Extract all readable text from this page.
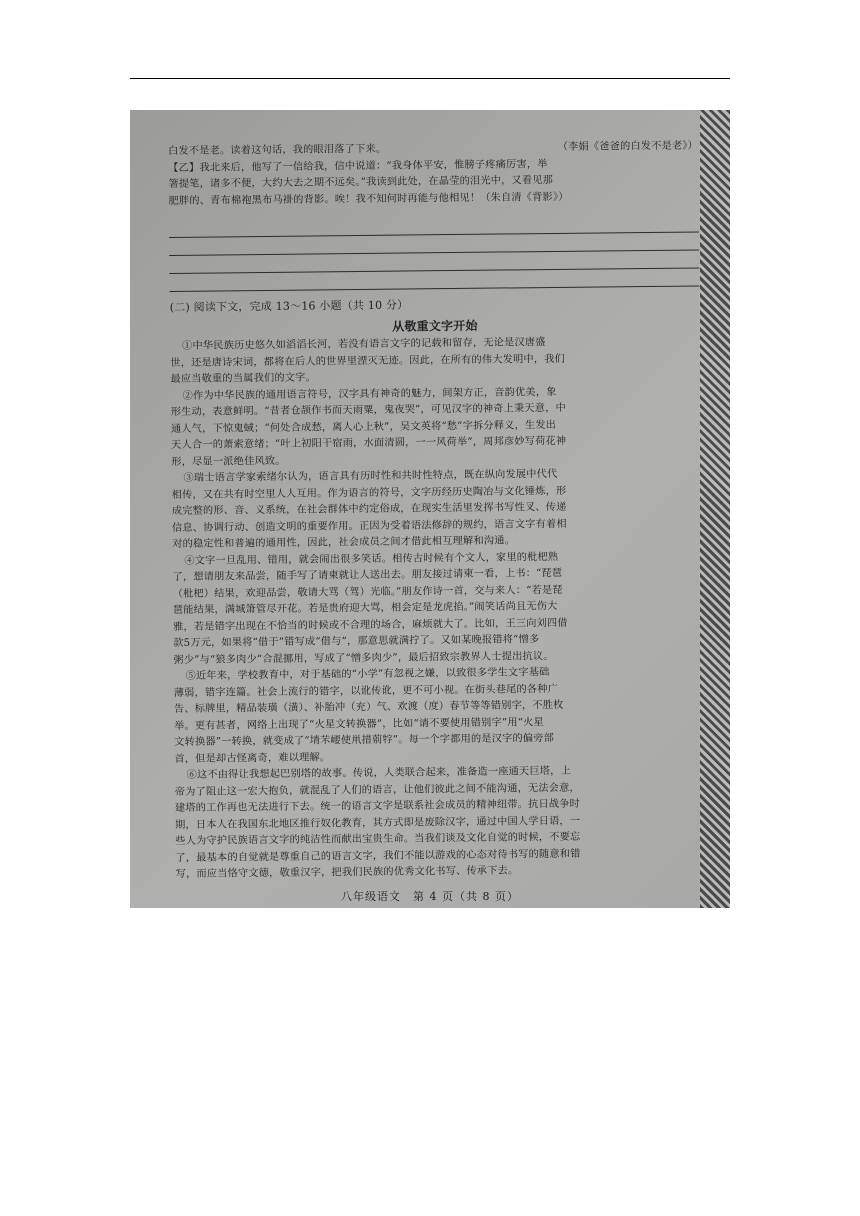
白发不是老。读着这句话，我的眼泪落了下来。	（李娟《爸爸的白发不是老》）
【乙】我北来后，他写了一信给我，信中说道：“我身体平安，惟膀子疼痛厉害，举
箸提笔，诸多不便，大约大去之期不远矣。”我读到此处，在晶莹的泪光中，又看见那
肥胖的、青布棉袍黑布马褂的背影。唉！我不知何时再能与他相见！（朱自清《背影》）
(二) 阅读下文，完成 13～16 小题（共 10 分）
从敬重文字开始
①中华民族历史悠久如滔滔长河，若没有语言文字的记载和留存，无论是汉唐盛
世，还是唐诗宋词，都将在后人的世界里湮灭无迹。因此，在所有的伟大发明中，我们
最应当敬重的当属我们的文字。
②作为中华民族的通用语言符号，汉字具有神奇的魅力，间架方正，音韵优美，象
形生动，表意鲜明。“昔者仓颉作书而天雨粟，鬼夜哭”，可见汉字的神奇上秉天意，中
通人气，下惊鬼蜮；“何处合成愁，离人心上秋”，吴文英将“愁”字拆分释义，生发出
天人合一的萧索意绪；“叶上初阳干宿雨，水面清圆，一一风荷举”，周邦彦妙写荷花神
形，尽显一派绝佳风致。
③瑞士语言学家索绪尔认为，语言具有历时性和共时性特点，既在纵向发展中代代
相传，又在共有时空里人人互用。作为语言的符号，文字历经历史陶冶与文化锤炼，形
成完整的形、音、义系统，在社会群体中约定俗成，在现实生活里发挥书写性叉、传递
信息、协调行动、创造文明的重要作用。正因为受着语法修辞的规约，语言文字有着相
对的稳定性和普遍的通用性，因此，社会成员之间才借此相互理解和沟通。
④文字一旦乱用、错用，就会闹出很多笑话。相传古时候有个文人，家里的枇杷熟
了，想请朋友来品尝，随手写了请柬就让人送出去。朋友接过请柬一看，上书：“琵琶
（枇杷）结果，欢迎品尝，敬请大骂（驾）光临。”朋友作诗一首，交与来人：“若是琵
琶能结果，满城箫管尽开花。若是贵府迎大骂，相会定是龙虎掐。”闹笑话尚且无伤大
雅，若是错字出现在不恰当的时候或不合理的场合，麻烦就大了。比如，王三向刘四借
款5万元，如果将“借于”错写成“借与”，那意思就满拧了。又如某晚报错将“憎多
粥少”与“狼多肉少”合混挪用，写成了“憎多肉少”，最后招致宗教界人士提出抗议。
⑤近年来，学校教育中，对于基础的“小学”有忽视之嫌，以致很多学生文字基础
薄弱，错字连篇。社会上流行的错字，以讹传讹，更不可小视。在街头巷尾的各种广
告、标牌里，精品装璜（潢）、补胎冲（充）气、欢渡（度）春节等等错别字，不胜枚
举。更有甚者，网络上出现了“火星文转换器”，比如“请不要使用错别字”用“火星
文转换器”一转换，就变成了“埥芣崾使鼡措莂牸”。每一个字都用的是汉字的偏旁部
首，但是却古怪离奇，难以理解。
⑥这不由得让我想起巴别塔的故事。传说，人类联合起来，准备造一座通天巨塔，上
帝为了阻止这一宏大抱负，就混乱了人们的语言，让他们彼此之间不能沟通，无法会意，
建塔的工作再也无法进行下去。统一的语言文字是联系社会成员的精神纽带。抗日战争时
期，日本人在我国东北地区推行奴化教育，其方式即是废除汉字，通过中国人学日语，一
些人为守护民族语言文字的纯洁性而献出宝贵生命。当我们谈及文化自觉的时候，不要忘
了，最基本的自觉就是尊重自己的语言文字，我们不能以游戏的心态对待书写的随意和错
写，而应当恪守文德，敬重汉字，把我们民族的优秀文化书写、传承下去。
八年级语文　第 4 页（共 8 页）
